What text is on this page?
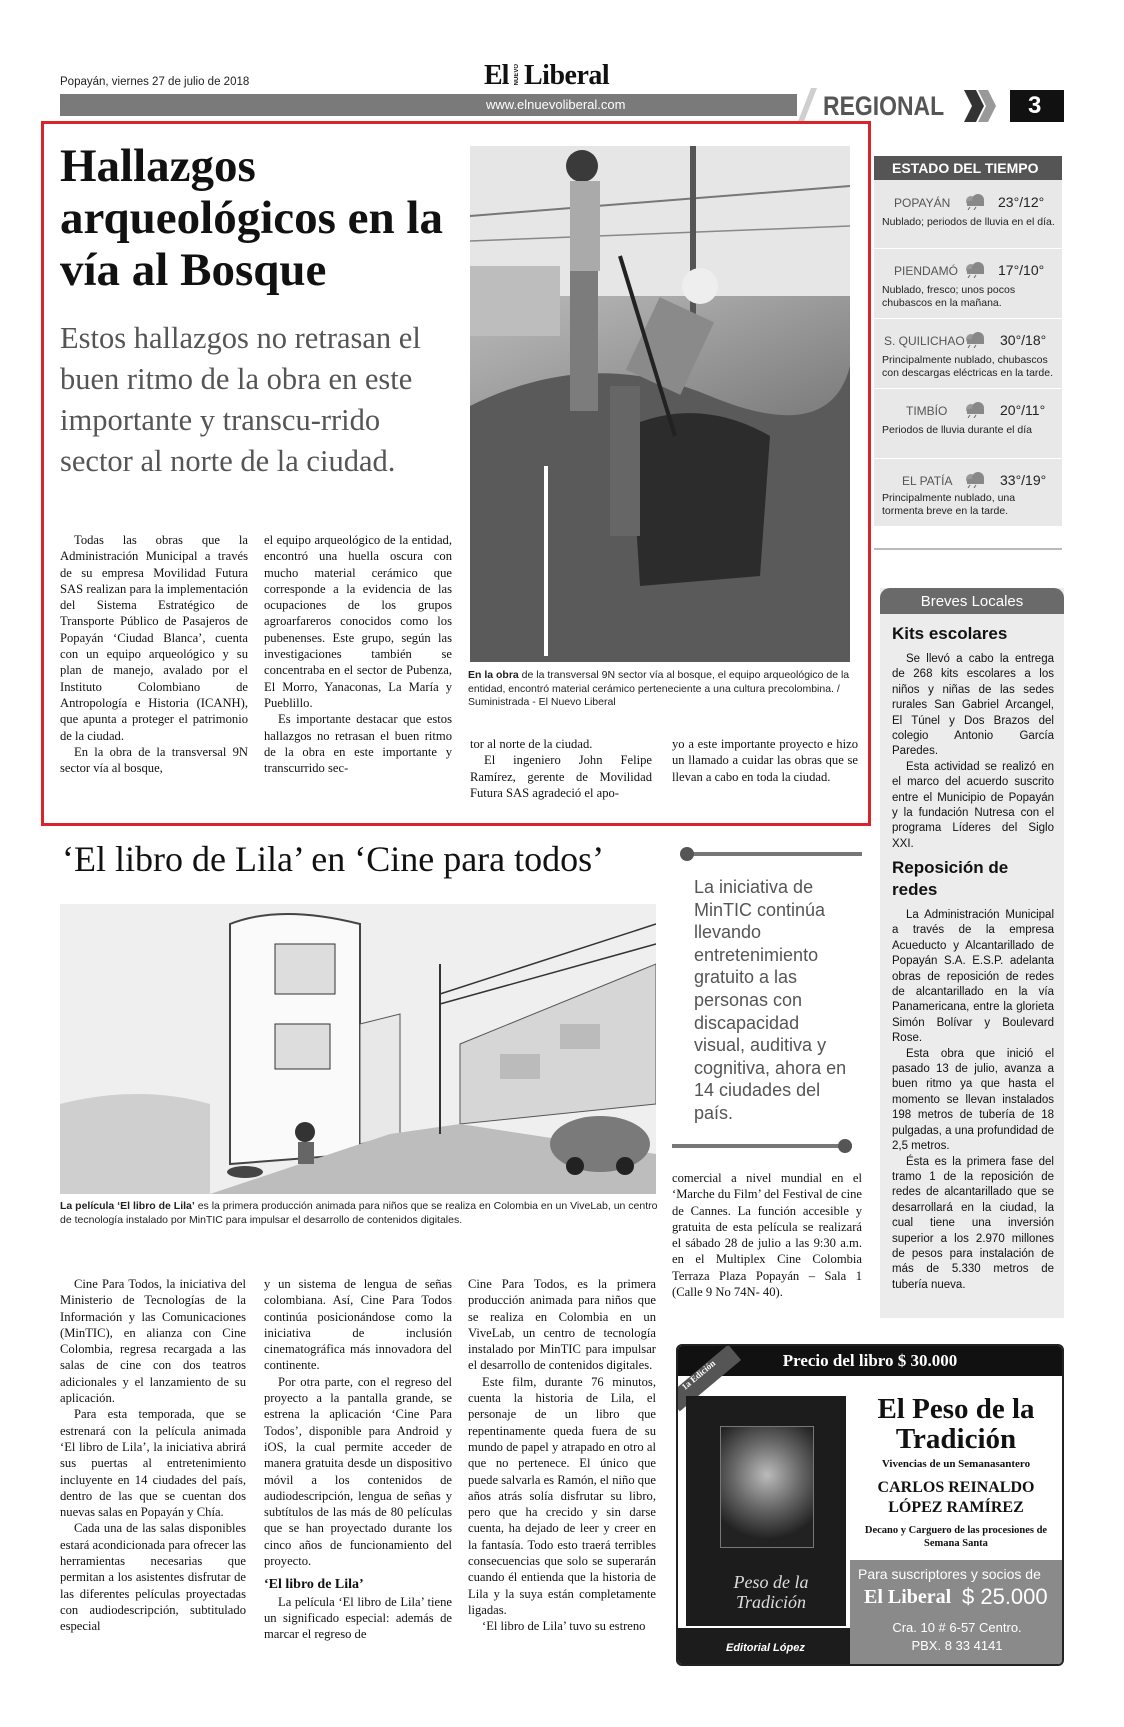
Popayán, viernes 27 de julio de 2018	El NUEVO Liberal
www.elnuevoliberal.com	REGIONAL	3
Hallazgos arqueológicos en la vía al Bosque
Estos hallazgos no retrasan el buen ritmo de la obra en este importante y transcu-rrido sector al norte de la ciudad.

Todas las obras que la Administración Municipal a través de su empresa Movilidad Futura SAS realizan para la implementación del Sistema Estratégico de Transporte Público de Pasajeros de Popayán ‘Ciudad Blanca’, cuenta con un equipo arqueológico y su plan de manejo, avalado por el Instituto Colombiano de Antropología e Historia (ICANH), que apunta a proteger el patrimonio de la ciudad.

En la obra de la transversal 9N sector vía al bosque,

el equipo arqueológico de la entidad, encontró una huella oscura con mucho material cerámico que corresponde a la evidencia de las ocupaciones de los grupos agroarfareros conocidos como los pubenenses. Este grupo, según las investigaciones también se concentraba en el sector de Pubenza, El Morro, Yanaconas, La María y Pueblillo.

Es importante destacar que estos hallazgos no retrasan el buen ritmo de la obra en este importante y transcurrido sec-

En la obra de la transversal 9N sector vía al bosque, el equipo arqueológico de la entidad, encontró material cerámico perteneciente a una cultura precolombina. / Suministrada - El Nuevo Liberal

tor al norte de la ciudad.

El ingeniero John Felipe Ramírez, gerente de Movilidad Futura SAS agradeció el apo-

yo a este importante proyecto e hizo un llamado a cuidar las obras que se llevan a cabo en toda la ciudad.

ESTADO DEL TIEMPO
POPAYÁN	23°/12°
Nublado; periodos de lluvia en el día.
PIENDAMÓ	17°/10°
Nublado, fresco; unos pocos chubascos en la mañana.
S. QUILICHAO	30°/18°
Principalmente nublado, chubascos con descargas eléctricas en la tarde.
TIMBÍO	20°/11°
Periodos de lluvia durante el día
EL PATÍA	33°/19°
Principalmente nublado, una tormenta breve en la tarde.
Breves Locales
Kits escolares

Se llevó a cabo la entrega de 268 kits escolares a los niños y niñas de las sedes rurales San Gabriel Arcangel, El Túnel y Dos Brazos del colegio Antonio García Paredes.

Esta actividad se realizó en el marco del acuerdo suscrito entre el Municipio de Popayán y la fundación Nutresa con el programa Líderes del Siglo XXI.

Reposición de redes

La Administración Municipal a través de la empresa Acueducto y Alcantarillado de Popayán S.A. E.S.P. adelanta obras de reposición de redes de alcantarillado en la vía Panamericana, entre la glorieta Simón Bolívar y Boulevard Rose.

Esta obra que inició el pasado 13 de julio, avanza a buen ritmo ya que hasta el momento se llevan instalados 198 metros de tubería de 18 pulgadas, a una profundidad de 2,5 metros.

Ésta es la primera fase del tramo 1 de la reposición de redes de alcantarillado que se desarrollará en la ciudad, la cual tiene una inversión superior a los 2.970 millones de pesos para instalación de más de 5.330 metros de tubería nueva.

‘El libro de Lila’ en ‘Cine para todos’
La iniciativa de MinTIC continúa llevando entretenimiento gratuito a las personas con discapacidad visual, auditiva y cognitiva, ahora en 14 ciudades del país.
La película ‘El libro de Lila’ es la primera producción animada para niños que se realiza en Colombia en un ViveLab, un centro de tecnología instalado por MinTIC para impulsar el desarrollo de contenidos digitales.

comercial a nivel mundial en el ‘Marche du Film’ del Festival de cine de Cannes. La función accesible y gratuita de esta película se realizará el sábado 28 de julio a las 9:30 a.m. en el Multiplex Cine Colombia Terraza Plaza Popayán – Sala 1 (Calle 9 No 74N- 40).

Cine Para Todos, la iniciativa del Ministerio de Tecnologías de la Información y las Comunicaciones (MinTIC), en alianza con Cine Colombia, regresa recargada a las salas de cine con dos teatros adicionales y el lanzamiento de su aplicación.

Para esta temporada, que se estrenará con la película animada ‘El libro de Lila’, la iniciativa abrirá sus puertas al entretenimiento incluyente en 14 ciudades del país, dentro de las que se cuentan dos nuevas salas en Popayán y Chía.

Cada una de las salas disponibles estará acondicionada para ofrecer las herramientas necesarias que permitan a los asistentes disfrutar de las diferentes películas proyectadas con audiodescripción, subtitulado especial

y un sistema de lengua de señas colombiana. Así, Cine Para Todos continúa posicionándose como la iniciativa de inclusión cinematográfica más innovadora del continente.

Por otra parte, con el regreso del proyecto a la pantalla grande, se estrena la aplicación ‘Cine Para Todos’, disponible para Android y iOS, la cual permite acceder de manera gratuita desde un dispositivo móvil a los contenidos de audiodescripción, lengua de señas y subtítulos de las más de 80 películas que se han proyectado durante los cinco años de funcionamiento del proyecto.

‘El libro de Lila’

La película ‘El libro de Lila’ tiene un significado especial: además de marcar el regreso de

Cine Para Todos, es la primera producción animada para niños que se realiza en Colombia en un ViveLab, un centro de tecnología instalado por MinTIC para impulsar el desarrollo de contenidos digitales.

Este film, durante 76 minutos, cuenta la historia de Lila, el personaje de un libro que repentinamente queda fuera de su mundo de papel y atrapado en otro al que no pertenece. El único que puede salvarla es Ramón, el niño que años atrás solía disfrutar su libro, pero que ha crecido y sin darse cuenta, ha dejado de leer y creer en la fantasía. Todo esto traerá terribles consecuencias que solo se superarán cuando él entienda que la historia de Lila y la suya están completamente ligadas.

‘El libro de Lila’ tuvo su estreno

Precio del libro $ 30.000
1a Edición
Peso de la Tradición
El Peso de la Tradición
Vivencias de un Semanasantero
CARLOS REINALDO LÓPEZ RAMÍREZ
Decano y Carguero de las procesiones de Semana Santa
Para suscriptores y socios de
El Liberal $ 25.000
Cra. 10 # 6-57 Centro.
PBX. 8 33 4141
Editorial López
